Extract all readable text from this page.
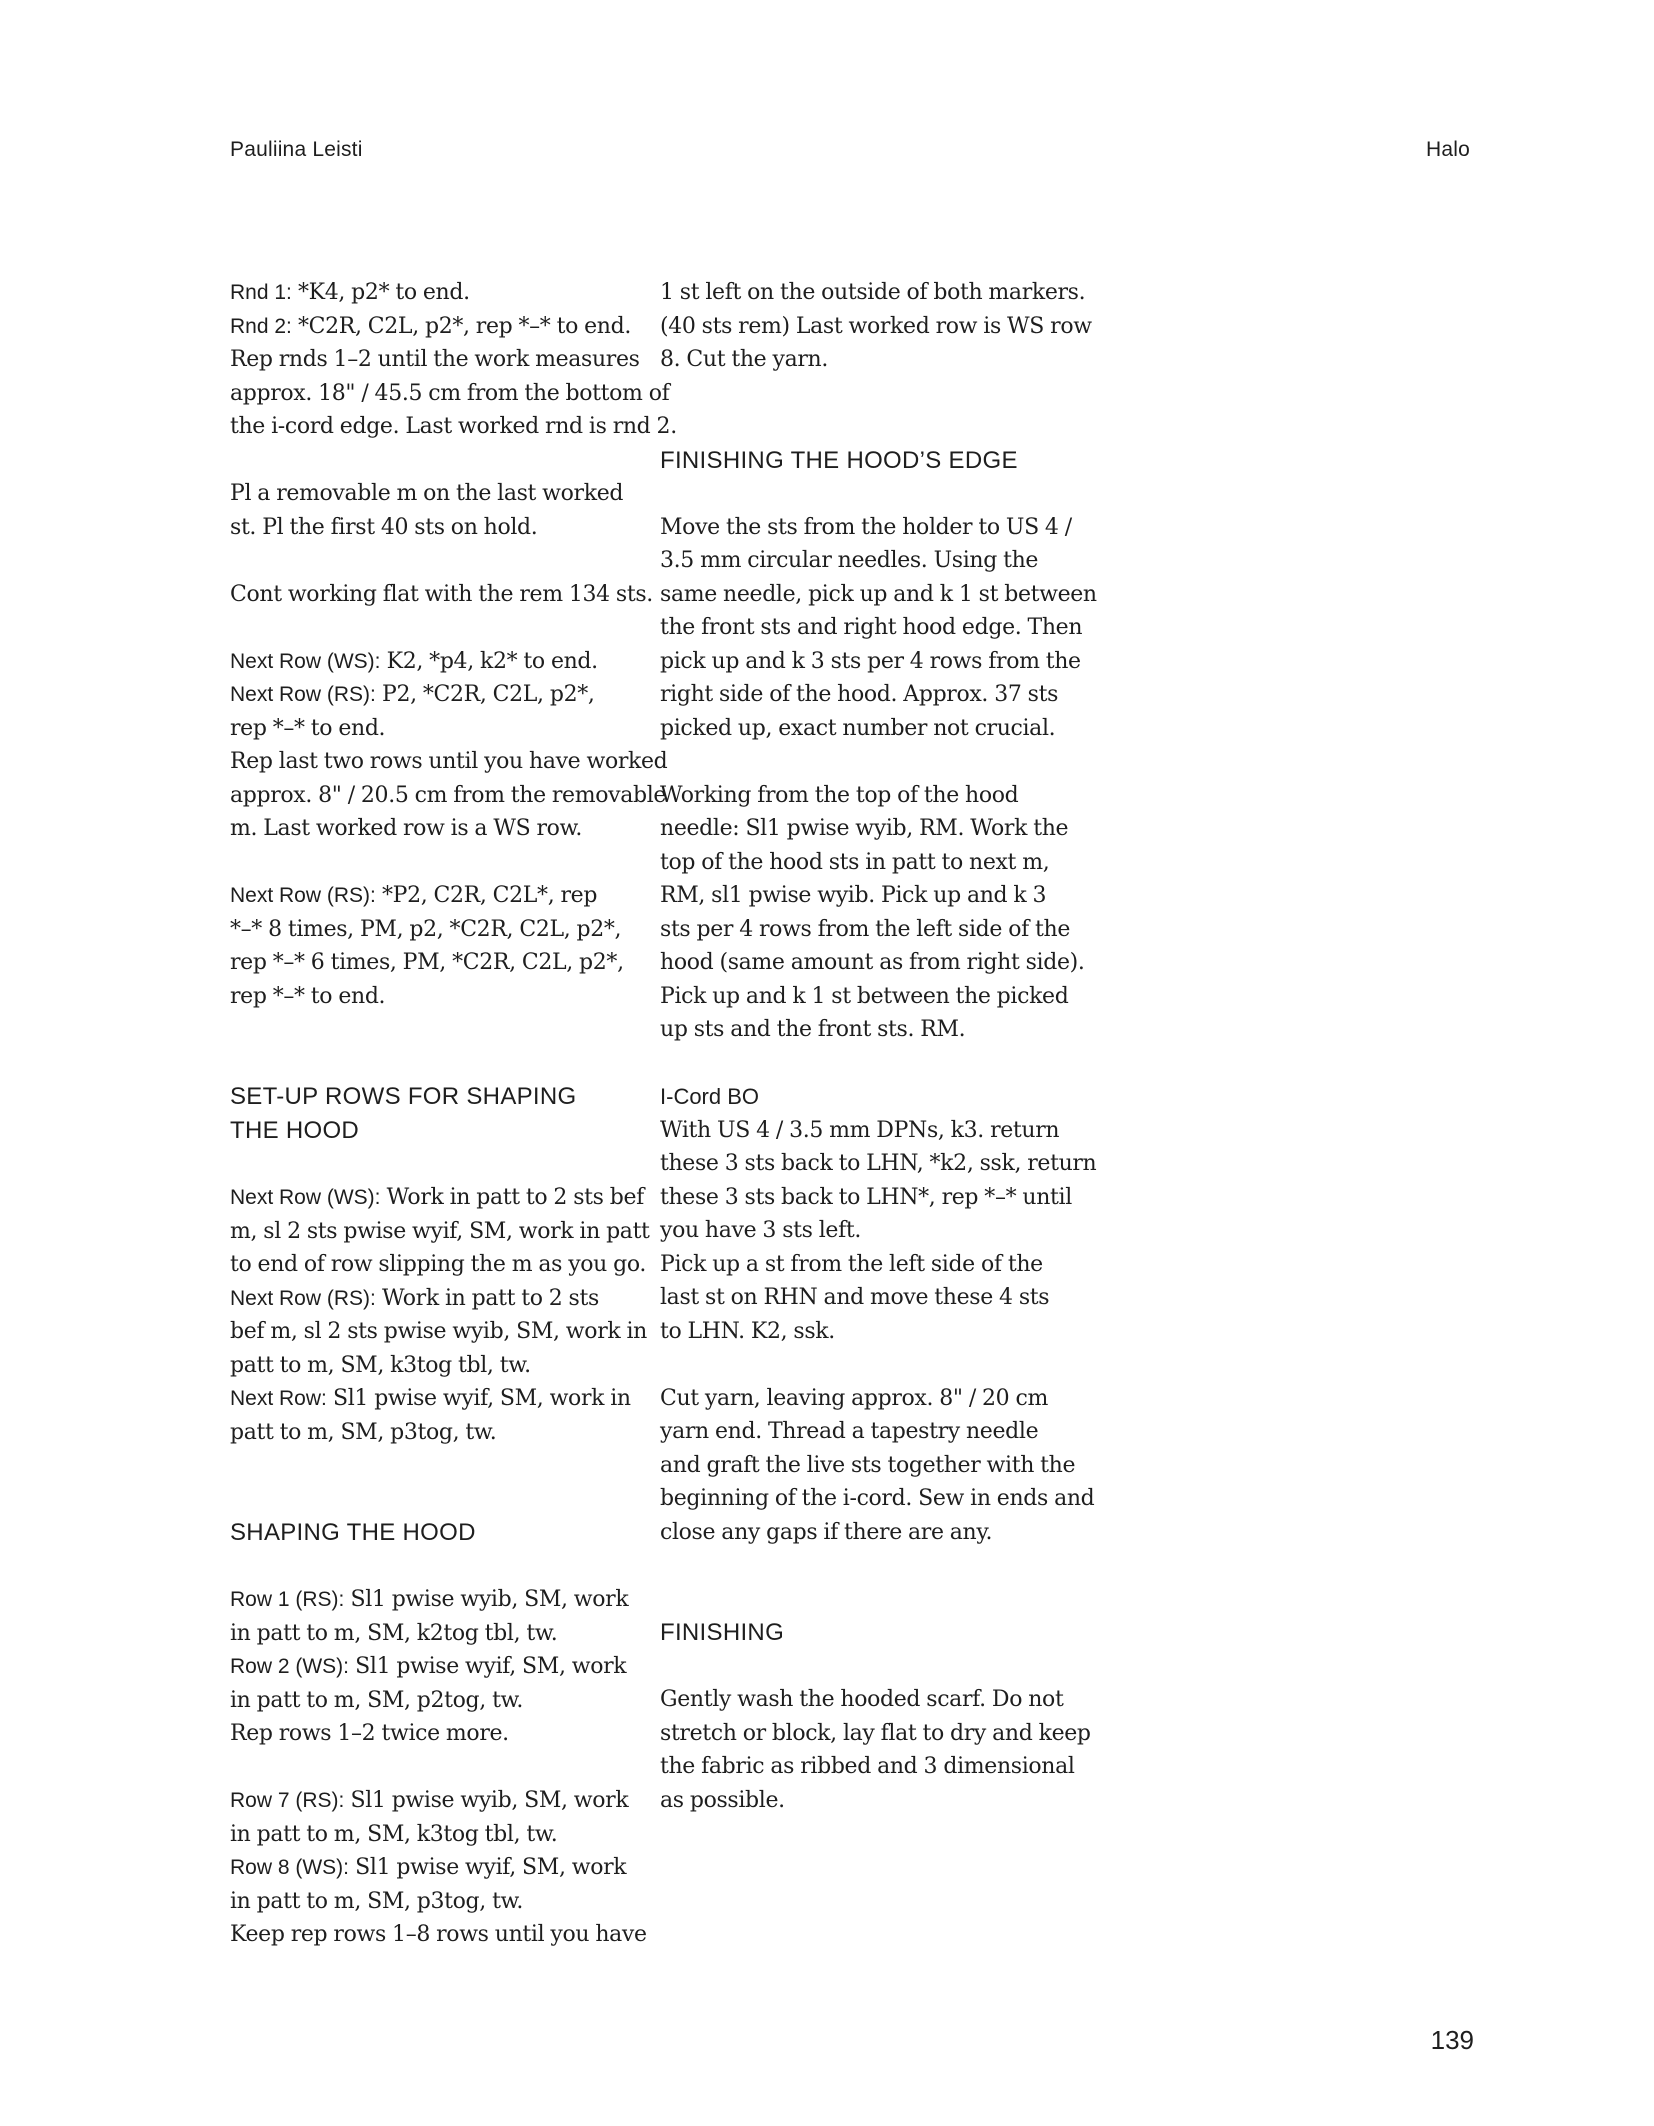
Pauliina Leisti	Halo
Rnd 1: *K4, p2* to end.
Rnd 2: *C2R, C2L, p2*, rep *–* to end.
Rep rnds 1–2 until the work measures
approx. 18" / 45.5 cm from the bottom of
the i-cord edge. Last worked rnd is rnd 2.
Pl a removable m on the last worked
st. Pl the first 40 sts on hold.
Cont working flat with the rem 134 sts.
Next Row (WS): K2, *p4, k2* to end.
Next Row (RS): P2, *C2R, C2L, p2*,
rep *–* to end.
Rep last two rows until you have worked
approx. 8" / 20.5 cm from the removable
m. Last worked row is a WS row.
Next Row (RS): *P2, C2R, C2L*, rep
*–* 8 times, PM, p2, *C2R, C2L, p2*,
rep *–* 6 times, PM, *C2R, C2L, p2*,
rep *–* to end.
SET-UP ROWS FOR SHAPING
THE HOOD
Next Row (WS): Work in patt to 2 sts bef
m, sl 2 sts pwise wyif, SM, work in patt
to end of row slipping the m as you go.
Next Row (RS): Work in patt to 2 sts
bef m, sl 2 sts pwise wyib, SM, work in
patt to m, SM, k3tog tbl, tw.
Next Row: Sl1 pwise wyif, SM, work in
patt to m, SM, p3tog, tw.
SHAPING THE HOOD
Row 1 (RS): Sl1 pwise wyib, SM, work
in patt to m, SM, k2tog tbl, tw.
Row 2 (WS): Sl1 pwise wyif, SM, work
in patt to m, SM, p2tog, tw.
Rep rows 1–2 twice more.
Row 7 (RS): Sl1 pwise wyib, SM, work
in patt to m, SM, k3tog tbl, tw.
Row 8 (WS): Sl1 pwise wyif, SM, work
in patt to m, SM, p3tog, tw.
Keep rep rows 1–8 rows until you have
1 st left on the outside of both markers.
(40 sts rem) Last worked row is WS row
8. Cut the yarn.
FINISHING THE HOOD’S EDGE
Move the sts from the holder to US 4 /
3.5 mm circular needles. Using the
same needle, pick up and k 1 st between
the front sts and right hood edge. Then
pick up and k 3 sts per 4 rows from the
right side of the hood. Approx. 37 sts
picked up, exact number not crucial.
Working from the top of the hood
needle: Sl1 pwise wyib, RM. Work the
top of the hood sts in patt to next m,
RM, sl1 pwise wyib. Pick up and k 3
sts per 4 rows from the left side of the
hood (same amount as from right side).
Pick up and k 1 st between the picked
up sts and the front sts. RM.
I-Cord BO
With US 4 / 3.5 mm DPNs, k3. return
these 3 sts back to LHN, *k2, ssk, return
these 3 sts back to LHN*, rep *–* until
you have 3 sts left.
Pick up a st from the left side of the
last st on RHN and move these 4 sts
to LHN. K2, ssk.
Cut yarn, leaving approx. 8" / 20 cm
yarn end. Thread a tapestry needle
and graft the live sts together with the
beginning of the i-cord. Sew in ends and
close any gaps if there are any.
FINISHING
Gently wash the hooded scarf. Do not
stretch or block, lay flat to dry and keep
the fabric as ribbed and 3 dimensional
as possible.
139
